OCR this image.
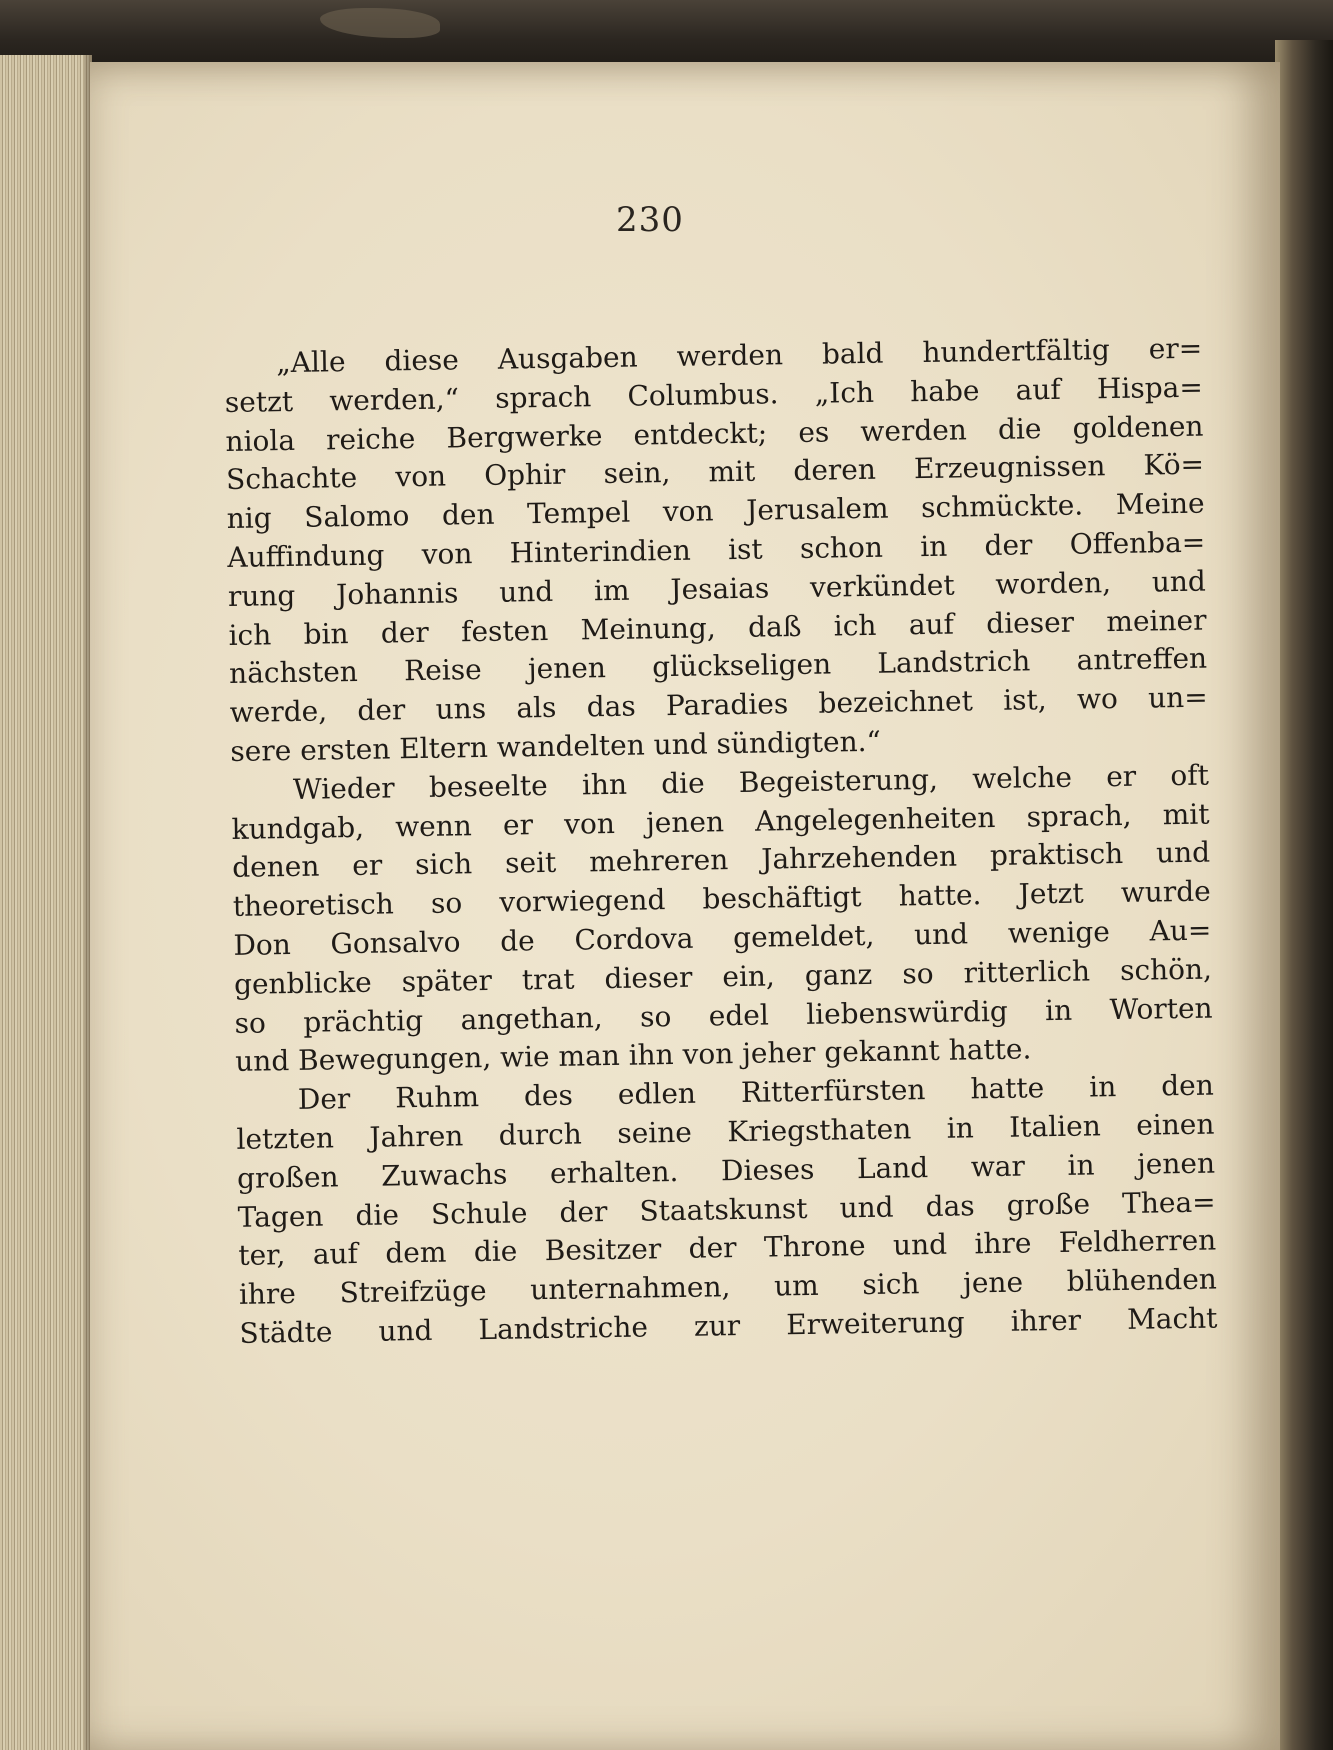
230
„Alle diese Ausgaben werden bald hundertfältig er=
setzt werden,“ sprach Columbus. „Ich habe auf Hispa=
niola reiche Bergwerke entdeckt; es werden die goldenen
Schachte von Ophir sein, mit deren Erzeugnissen Kö=
nig Salomo den Tempel von Jerusalem schmückte. Meine
Auffindung von Hinterindien ist schon in der Offenba=
rung Johannis und im Jesaias verkündet worden, und
ich bin der festen Meinung, daß ich auf dieser meiner
nächsten Reise jenen glückseligen Landstrich antreffen
werde, der uns als das Paradies bezeichnet ist, wo un=
sere ersten Eltern wandelten und sündigten.“
Wieder beseelte ihn die Begeisterung, welche er oft
kundgab, wenn er von jenen Angelegenheiten sprach, mit
denen er sich seit mehreren Jahrzehenden praktisch und
theoretisch so vorwiegend beschäftigt hatte. Jetzt wurde
Don Gonsalvo de Cordova gemeldet, und wenige Au=
genblicke später trat dieser ein, ganz so ritterlich schön,
so prächtig angethan, so edel liebenswürdig in Worten
und Bewegungen, wie man ihn von jeher gekannt hatte.
Der Ruhm des edlen Ritterfürsten hatte in den
letzten Jahren durch seine Kriegsthaten in Italien einen
großen Zuwachs erhalten. Dieses Land war in jenen
Tagen die Schule der Staatskunst und das große Thea=
ter, auf dem die Besitzer der Throne und ihre Feldherren
ihre Streifzüge unternahmen, um sich jene blühenden
Städte und Landstriche zur Erweiterung ihrer Macht
